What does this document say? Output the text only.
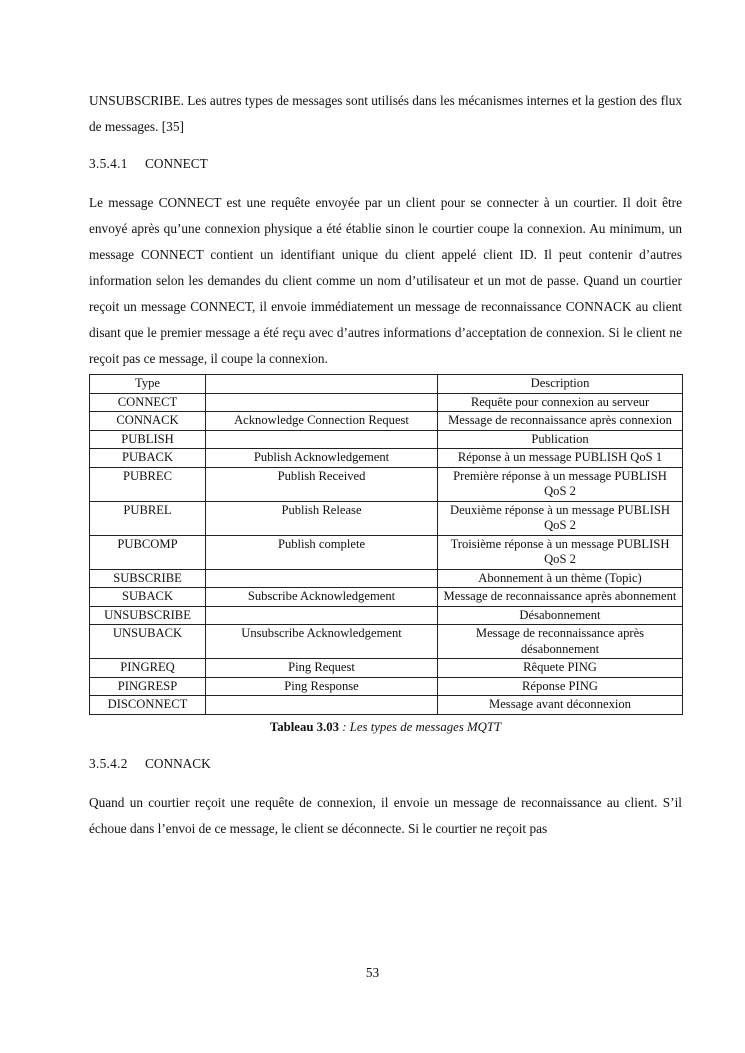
UNSUBSCRIBE. Les autres types de messages sont utilisés dans les mécanismes internes et la gestion des flux de messages. [35]

3.5.4.1	CONNECT

Le message CONNECT est une requête envoyée par un client pour se connecter à un courtier. Il doit être envoyé après qu’une connexion physique a été établie sinon le courtier coupe la connexion. Au minimum, un message CONNECT contient un identifiant unique du client appelé client ID. Il peut contenir d’autres information selon les demandes du client comme un nom d’utilisateur et un mot de passe. Quand un courtier reçoit un message CONNECT, il envoie immédiatement un message de reconnaissance CONNACK au client disant que le premier message a été reçu avec d’autres informations d’acceptation de connexion. Si le client ne reçoit pas ce message, il coupe la connexion.

Type		Description
CONNECT		Requête pour connexion au serveur
CONNACK	Acknowledge Connection Request	Message de reconnaissance après connexion
PUBLISH		Publication
PUBACK	Publish Acknowledgement	Réponse à un message PUBLISH QoS 1
PUBREC	Publish Received	Première réponse à un message PUBLISH QoS 2
PUBREL	Publish Release	Deuxième réponse à un message PUBLISH QoS 2
PUBCOMP	Publish complete	Troisième réponse à un message PUBLISH QoS 2
SUBSCRIBE		Abonnement à un thème (Topic)
SUBACK	Subscribe Acknowledgement	Message de reconnaissance après abonnement
UNSUBSCRIBE		Désabonnement
UNSUBACK	Unsubscribe Acknowledgement	Message de reconnaissance après désabonnement
PINGREQ	Ping Request	Rêquete PING
PINGRESP	Ping Response	Réponse PING
DISCONNECT		Message avant déconnexion
Tableau 3.03 : Les types de messages MQTT
3.5.4.2	CONNACK

Quand un courtier reçoit une requête de connexion, il envoie un message de reconnaissance au client. S’il échoue dans l’envoi de ce message, le client se déconnecte. Si le courtier ne reçoit pas

53
